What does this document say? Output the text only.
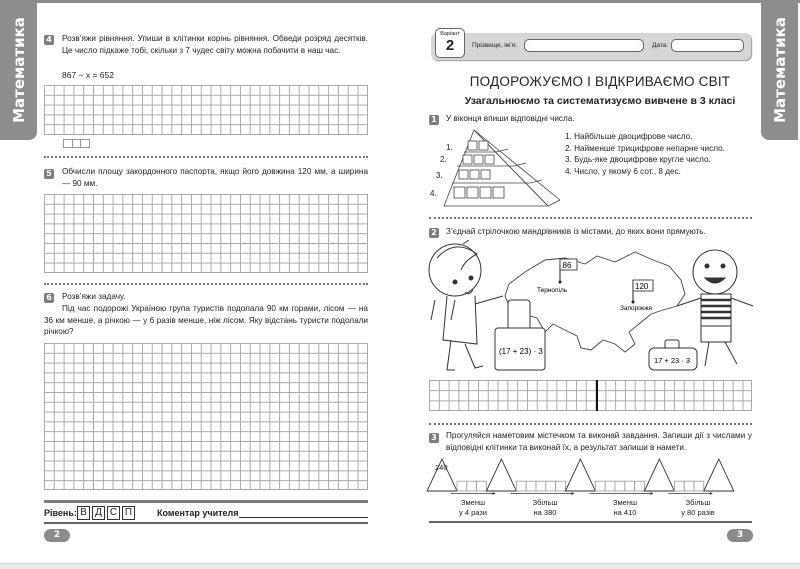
Математика 4 Розв’яжи рівняння. Упиши в клітинки корінь рівняння. Обведи розряд десятків. Це число підкаже тобі, скільки з 7 чудес світу можна побачити в наш час.
867 − x = 652
5 Обчисли площу закордонного паспорта, якщо його довжина 120 мм, а ширина — 90 мм.
6 Розв’яжи задачу.
Під час подорожі Україною група туристів подолала 90 км горами, лісом — на 36 км менше, а річкою — у 6 разів менше, ніж лісом. Яку відстань туристи подолали річкою?
Рівень: В Д С П	Коментар учителя
2
Математика
Варіант
2	Прізвище, ім’я:	Дата:
ПОДОРОЖУЄМО І ВІДКРИВАЄМО СВІТ
Узагальнюємо та систематизуємо вивчене в 3 класі
1 У віконця впиши відповідні числа.
1.
2.
3.
4.
1. Найбільше двоцифрове число.
2. Найменше трицифрове непарне число.
3. Будь-яке двоцифрове кругле число.
4. Число, у якому 6 сот., 8 дес.
2 З’єднай стрілочкою мандрівників із містами, до яких вони прямують.
86
Тернопіль	120
Запоріжжя
(17 + 23) · 3
17 + 23 · 3
3 Прогуляйся наметовим містечком та виконай завдання. Запиши дії з числами у відповідні клітинки та виконай їх, а результат запиши в намети.
240
Зменш
у 4 рази
Збільш
на 380
Зменш
на 410
Збільш
у 80 разів
3
